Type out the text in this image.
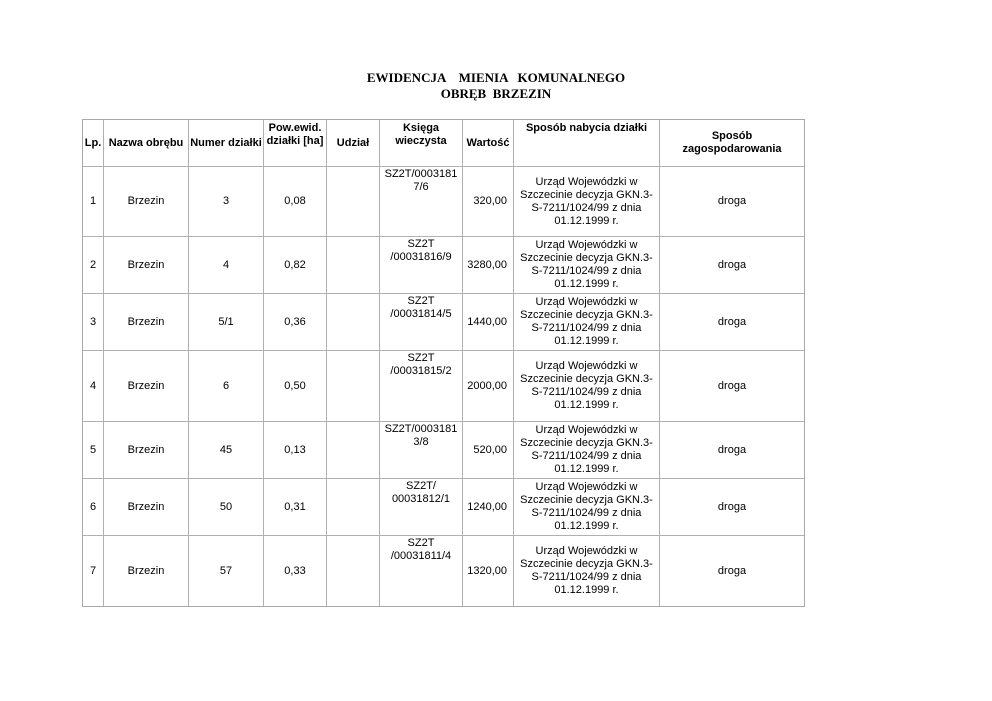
EWIDENCJA    MIENIA   KOMUNALNEGO
OBRĘB  BRZEZIN
Lp.	Nazwa obrębu	Numer działki	Pow.ewid. działki [ha]	Udział	Księga wieczysta	Wartość	Sposób nabycia działki	Sposób zagospodarowania
1	Brzezin	3	0,08		SZ2T/0003181 7/6	320,00	Urząd Wojewódzki w Szczecinie decyzja GKN.3-S-7211/1024/99 z dnia 01.12.1999 r.	droga
2	Brzezin	4	0,82		SZ2T /00031816/9	3280,00	Urząd Wojewódzki w Szczecinie decyzja GKN.3-S-7211/1024/99 z dnia 01.12.1999 r.	droga
3	Brzezin	5/1	0,36		SZ2T /00031814/5	1440,00	Urząd Wojewódzki w Szczecinie decyzja GKN.3-S-7211/1024/99 z dnia 01.12.1999 r.	droga
4	Brzezin	6	0,50		SZ2T /00031815/2	2000,00	Urząd Wojewódzki w Szczecinie decyzja GKN.3-S-7211/1024/99 z dnia 01.12.1999 r.	droga
5	Brzezin	45	0,13		SZ2T/0003181 3/8	520,00	Urząd Wojewódzki w Szczecinie decyzja GKN.3-S-7211/1024/99 z dnia 01.12.1999 r.	droga
6	Brzezin	50	0,31		SZ2T/ 00031812/1	1240,00	Urząd Wojewódzki w Szczecinie decyzja GKN.3-S-7211/1024/99 z dnia 01.12.1999 r.	droga
7	Brzezin	57	0,33		SZ2T /00031811/4	1320,00	Urząd Wojewódzki w Szczecinie decyzja GKN.3-S-7211/1024/99 z dnia 01.12.1999 r.	droga
